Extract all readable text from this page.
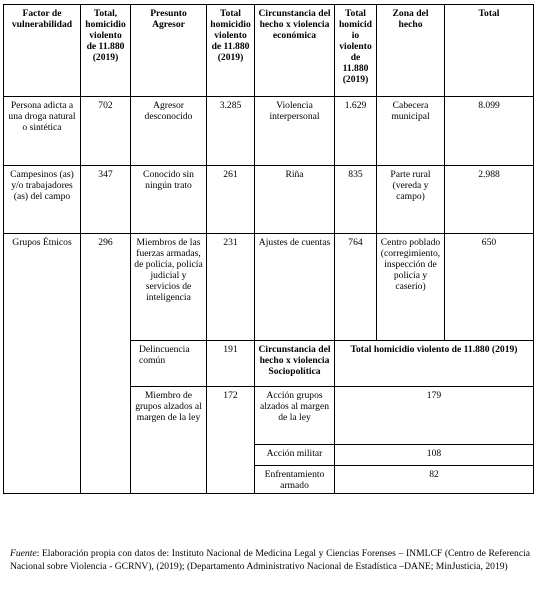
Factor de vulnerabilidad	Total, homicidio violento de 11.880 (2019)	Presunto Agresor	Total homicidio violento de 11.880 (2019)	Circunstancia del hecho x violencia económica	Total homicidio violento de 11.880 (2019)	Zona del hecho	Total
Persona adicta a una droga natural o sintética	702	Agresor desconocido	3.285	Violencia interpersonal	1.629	Cabecera municipal	8.099
Campesinos (as) y/o trabajadores (as) del campo	347	Conocido sin ningún trato	261	Riña	835	Parte rural (vereda y campo)	2.988
Grupos Étnicos	296	Miembros de las fuerzas armadas, de policía, policía judicial y servicios de inteligencia	231	Ajustes de cuentas	764	Centro poblado (corregimiento, inspección de policía y caserío)	650
		Delincuencia común	191	Circunstancia del hecho x violencia Sociopolítica	Total homicidio violento de 11.880 (2019)		
		Miembro de grupos alzados al margen de la ley	172	Acción grupos alzados al margen de la ley	179		
				Acción militar	108		
				Enfrentamiento armado	82		
Fuente: Elaboración propia con datos de: Instituto Nacional de Medicina Legal y Ciencias Forenses – INMLCF (Centro de Referencia Nacional sobre Violencia - GCRNV), (2019); (Departamento Administrativo Nacional de Estadística –DANE; MinJusticia, 2019)
